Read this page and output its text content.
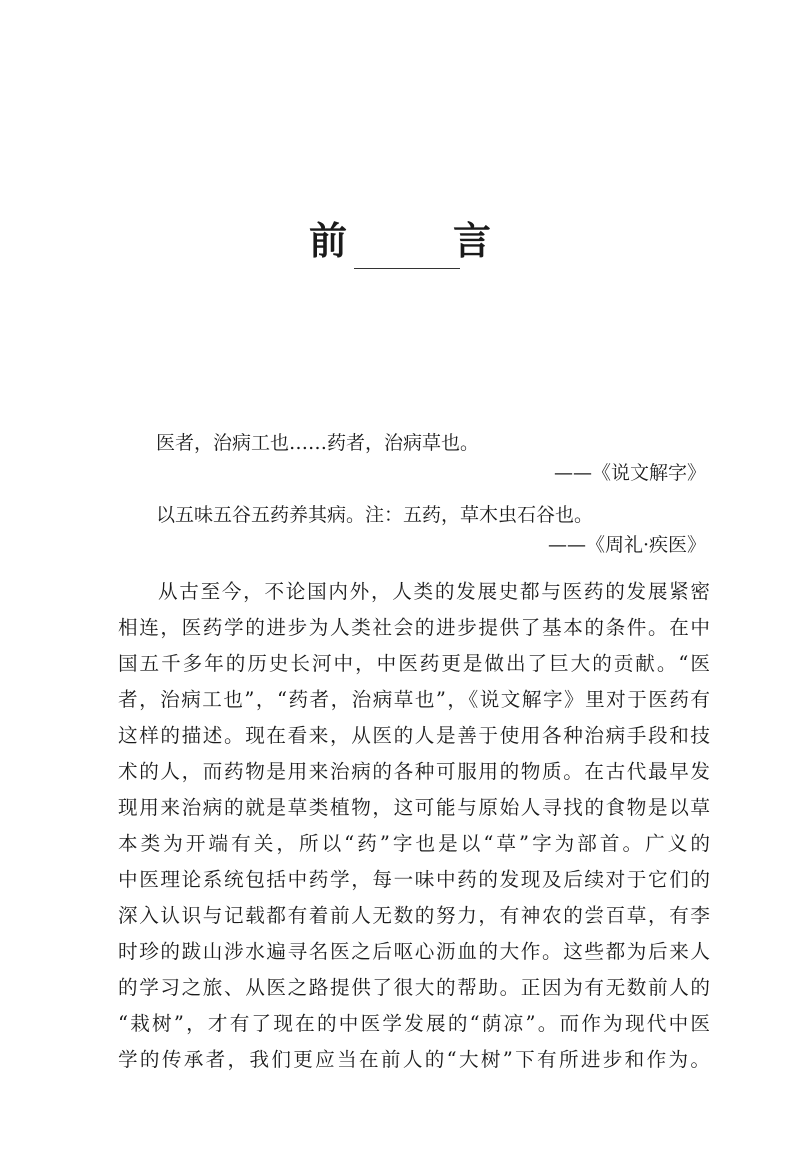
前　言
医者，治病工也……药者，治病草也。
——《说文解字》
以五味五谷五药养其病。注：五药，草木虫石谷也。
——《周礼·疾医》
从古至今，不论国内外，人类的发展史都与医药的发展紧密
相连，医药学的进步为人类社会的进步提供了基本的条件。在中
国五千多年的历史长河中，中医药更是做出了巨大的贡献。“医
者，治病工也”，“药者，治病草也”，《说文解字》里对于医药有
这样的描述。现在看来，从医的人是善于使用各种治病手段和技
术的人，而药物是用来治病的各种可服用的物质。在古代最早发
现用来治病的就是草类植物，这可能与原始人寻找的食物是以草
本类为开端有关，所以“药”字也是以“草”字为部首。广义的
中医理论系统包括中药学，每一味中药的发现及后续对于它们的
深入认识与记载都有着前人无数的努力，有神农的尝百草，有李
时珍的跋山涉水遍寻名医之后呕心沥血的大作。这些都为后来人
的学习之旅、从医之路提供了很大的帮助。正因为有无数前人的
“栽树”，才有了现在的中医学发展的“荫凉”。而作为现代中医
学的传承者，我们更应当在前人的“大树”下有所进步和作为。
